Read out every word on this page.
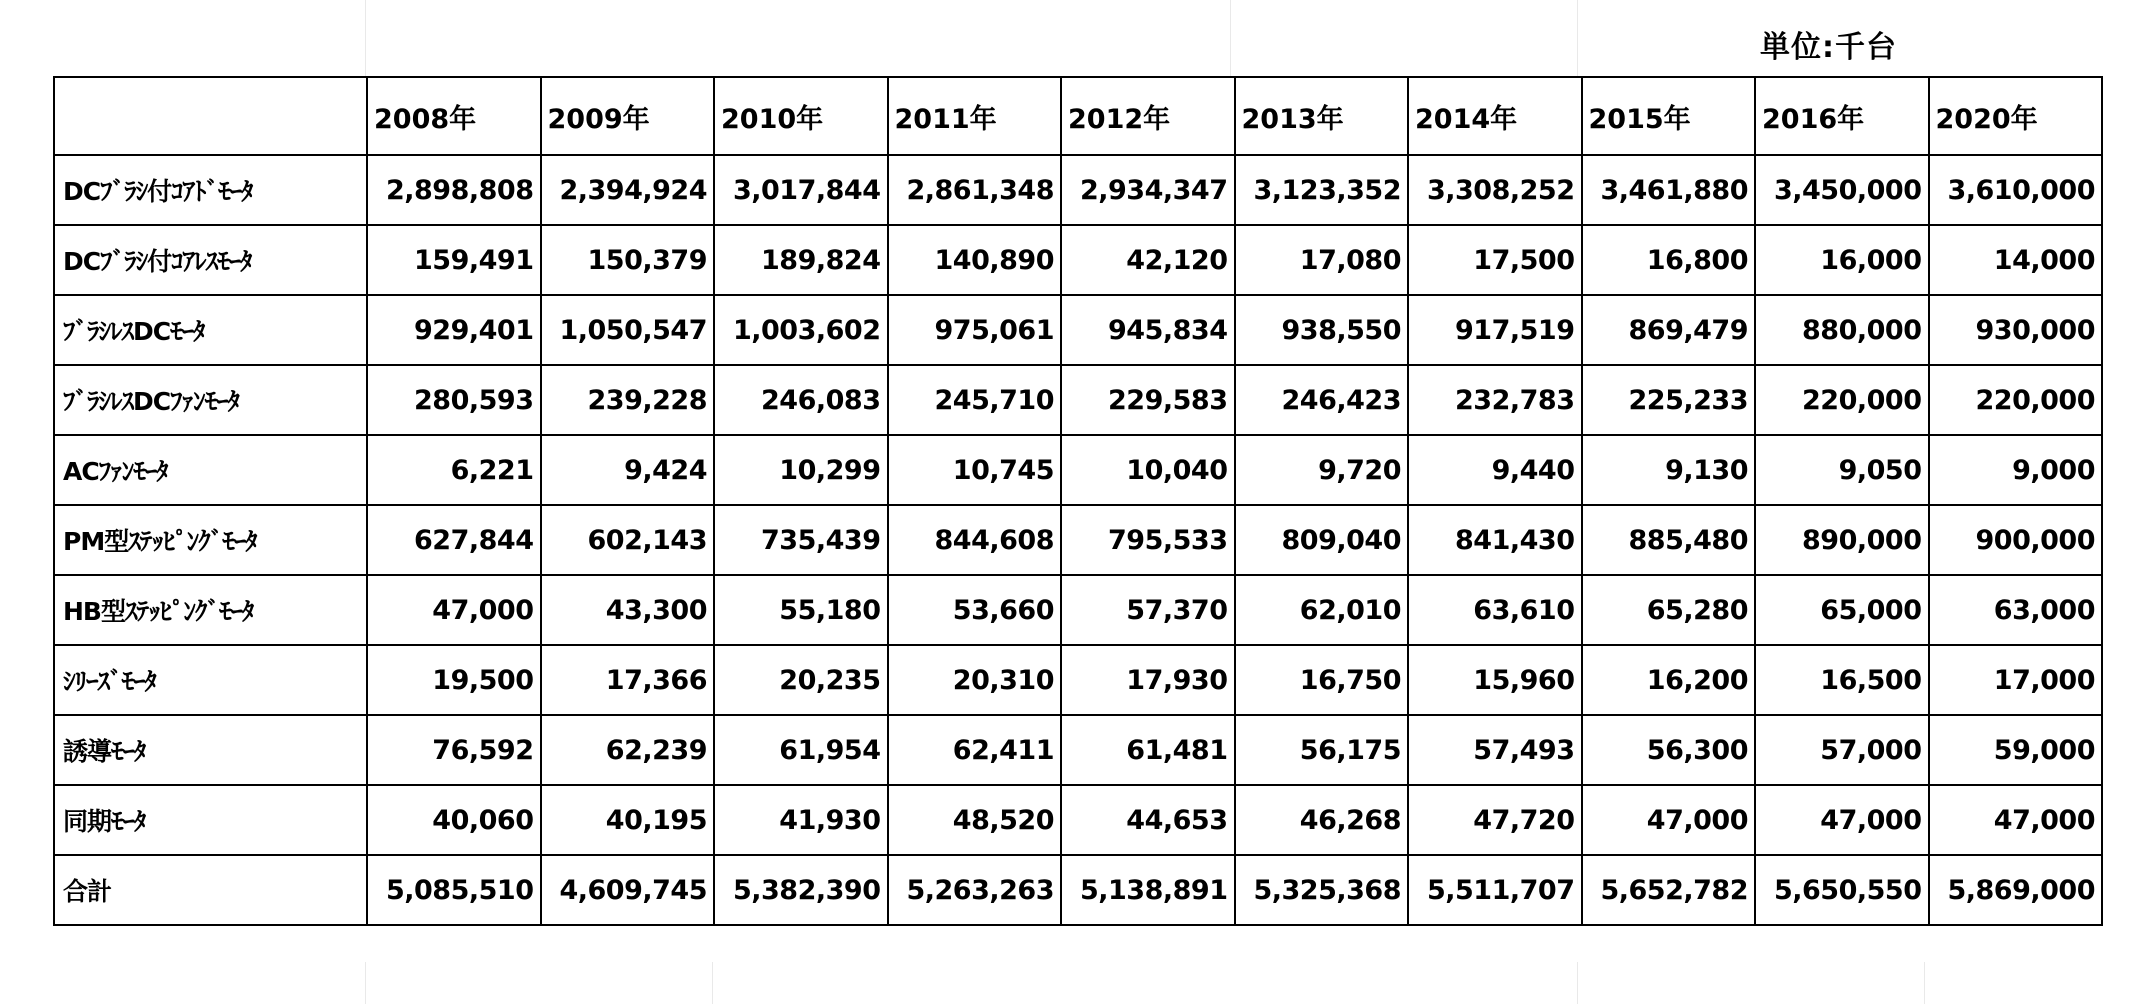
単位:千台
	2008年	2009年	2010年	2011年	2012年	2013年	2014年	2015年	2016年	2020年
DCﾌﾞﾗｼ付ｺｱﾄﾞﾓｰﾀ	2,898,808	2,394,924	3,017,844	2,861,348	2,934,347	3,123,352	3,308,252	3,461,880	3,450,000	3,610,000
DCﾌﾞﾗｼ付ｺｱﾚｽﾓｰﾀ	159,491	150,379	189,824	140,890	42,120	17,080	17,500	16,800	16,000	14,000
ﾌﾞﾗｼﾚｽDCﾓｰﾀ	929,401	1,050,547	1,003,602	975,061	945,834	938,550	917,519	869,479	880,000	930,000
ﾌﾞﾗｼﾚｽDCﾌｧﾝﾓｰﾀ	280,593	239,228	246,083	245,710	229,583	246,423	232,783	225,233	220,000	220,000
ACﾌｧﾝﾓｰﾀ	6,221	9,424	10,299	10,745	10,040	9,720	9,440	9,130	9,050	9,000
PM型ｽﾃｯﾋﾟﾝｸﾞﾓｰﾀ	627,844	602,143	735,439	844,608	795,533	809,040	841,430	885,480	890,000	900,000
HB型ｽﾃｯﾋﾟﾝｸﾞﾓｰﾀ	47,000	43,300	55,180	53,660	57,370	62,010	63,610	65,280	65,000	63,000
ｼﾘｰｽﾞﾓｰﾀ	19,500	17,366	20,235	20,310	17,930	16,750	15,960	16,200	16,500	17,000
誘導ﾓｰﾀ	76,592	62,239	61,954	62,411	61,481	56,175	57,493	56,300	57,000	59,000
同期ﾓｰﾀ	40,060	40,195	41,930	48,520	44,653	46,268	47,720	47,000	47,000	47,000
合計	5,085,510	4,609,745	5,382,390	5,263,263	5,138,891	5,325,368	5,511,707	5,652,782	5,650,550	5,869,000
